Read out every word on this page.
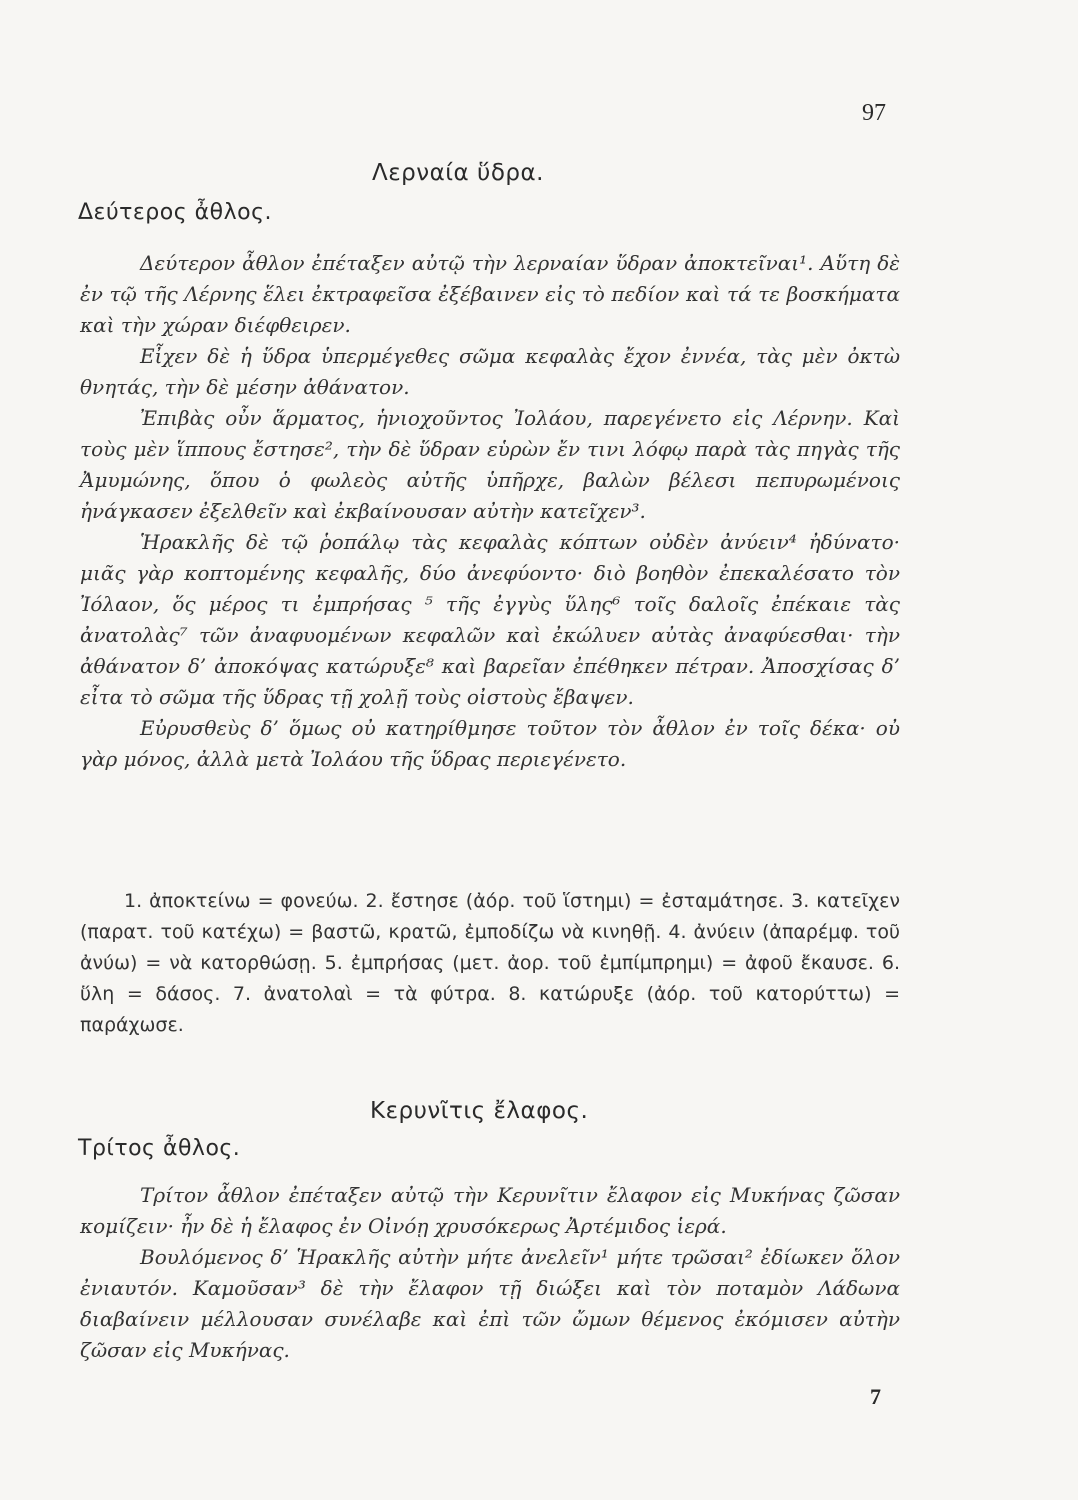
97
Λερναία ὕδρα.
Δεύτερος ἆθλος.

Δεύτερον ἆθλον ἐπέταξεν αὐτῷ τὴν λερναίαν ὕδραν ἀποκτεῖναι¹. Αὕτη δὲ ἐν τῷ τῆς Λέρνης ἕλει ἐκτραφεῖσα ἐξέβαινεν εἰς τὸ πεδίον καὶ τά τε βοσκήματα καὶ τὴν χώραν διέφθειρεν.

Εἶχεν δὲ ἡ ὕδρα ὑπερμέγεθες σῶμα κεφαλὰς ἔχον ἐννέα, τὰς μὲν ὀκτὼ θνητάς, τὴν δὲ μέσην ἀθάνατον.

Ἐπιβὰς οὖν ἅρματος, ἡνιοχοῦντος Ἰολάου, παρεγένετο εἰς Λέρνην. Καὶ τοὺς μὲν ἵππους ἔστησε², τὴν δὲ ὕδραν εὑρὼν ἔν τινι λόφῳ παρὰ τὰς πηγὰς τῆς Ἀμυμώνης, ὅπου ὁ φωλεὸς αὐτῆς ὑπῆρχε, βαλὼν βέλεσι πεπυρωμένοις ἠνάγκασεν ἐξελθεῖν καὶ ἐκβαίνουσαν αὐτὴν κατεῖχεν³.

Ἡρακλῆς δὲ τῷ ῥοπάλῳ τὰς κεφαλὰς κόπτων οὐδὲν ἀνύειν⁴ ἠδύνατο· μιᾶς γὰρ κοπτομένης κεφαλῆς, δύο ἀνεφύοντο· διὸ βοηθὸν ἐπεκαλέσατο τὸν Ἰόλαον, ὅς μέρος τι ἐμπρήσας ⁵ τῆς ἐγγὺς ὕλης⁶ τοῖς δαλοῖς ἐπέκαιε τὰς ἀνατολὰς⁷ τῶν ἀναφυομένων κεφαλῶν καὶ ἐκώλυεν αὐτὰς ἀναφύεσθαι· τὴν ἀθάνατον δ’ ἀποκόψας κατώρυξε⁸ καὶ βαρεῖαν ἐπέθηκεν πέτραν. Ἀποσχίσας δ’ εἶτα τὸ σῶμα τῆς ὕδρας τῇ χολῇ τοὺς οἰστοὺς ἔβαψεν.

Εὐρυσθεὺς δ’ ὅμως οὐ κατηρίθμησε τοῦτον τὸν ἆθλον ἐν τοῖς δέκα· οὐ γὰρ μόνος, ἀλλὰ μετὰ Ἰολάου τῆς ὕδρας περιεγένετο.

1. ἀποκτείνω = φονεύω. 2. ἔστησε (ἀόρ. τοῦ ἵστημι) = ἐσταμάτησε. 3. κατεῖχεν (παρατ. τοῦ κατέχω) = βαστῶ, κρατῶ, ἐμποδίζω νὰ κινηθῇ. 4. ἀνύειν (ἀπαρέμφ. τοῦ ἀνύω) = νὰ κατορθώσῃ. 5. ἐμπρήσας (μετ. ἀορ. τοῦ ἐμπίμπρημι) = ἀφοῦ ἔκαυσε. 6. ὕλη = δάσος. 7. ἀνατολαὶ = τὰ φύτρα. 8. κατώρυξε (ἀόρ. τοῦ κατορύττω) = παράχωσε.

Κερυνῖτις ἔλαφος.
Τρίτος ἆθλος.

Τρίτον ἆθλον ἐπέταξεν αὐτῷ τὴν Κερυνῖτιν ἔλαφον εἰς Μυκήνας ζῶσαν κομίζειν· ἦν δὲ ἡ ἔλαφος ἐν Οἰνόῃ χρυσόκερως Ἀρτέμιδος ἱερά.

Βουλόμενος δ’ Ἡρακλῆς αὐτὴν μήτε ἀνελεῖν¹ μήτε τρῶσαι² ἐδίωκεν ὅλον ἐνιαυτόν. Καμοῦσαν³ δὲ τὴν ἔλαφον τῇ διώξει καὶ τὸν ποταμὸν Λάδωνα διαβαίνειν μέλλουσαν συνέλαβε καὶ ἐπὶ τῶν ὤμων θέμενος ἐκόμισεν αὐτὴν ζῶσαν εἰς Μυκήνας.

7
